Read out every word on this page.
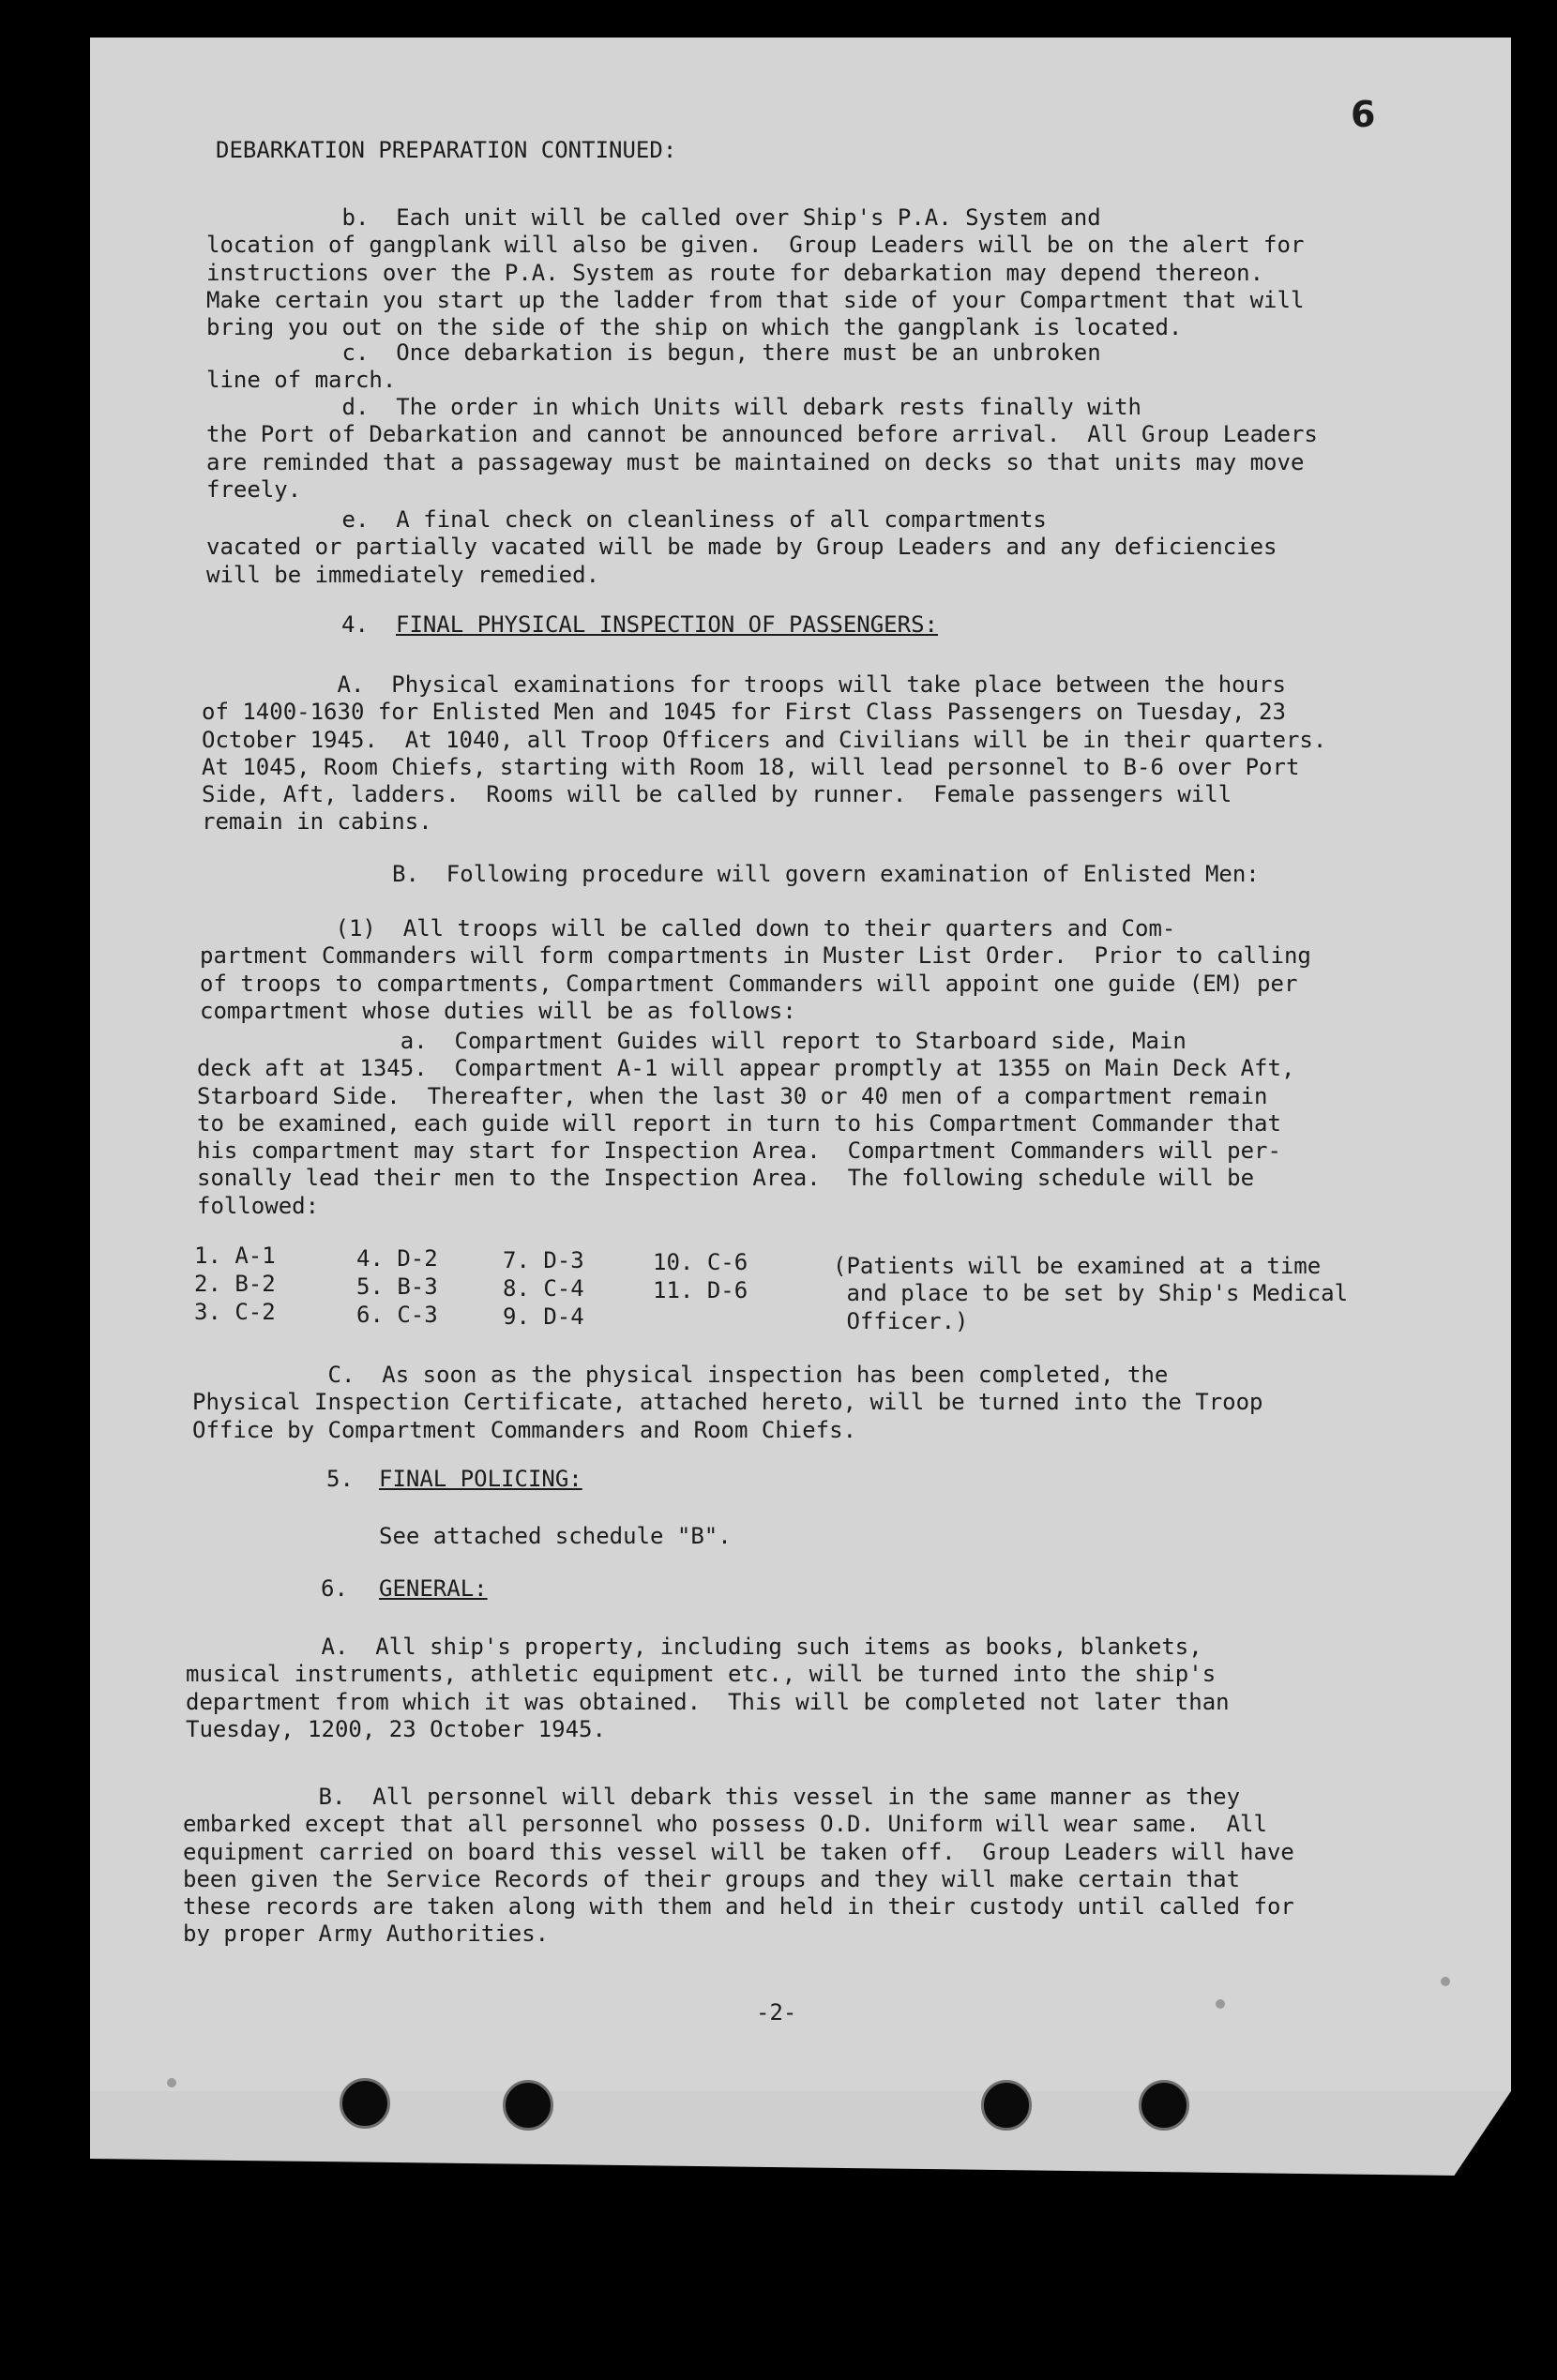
6
DEBARKATION PREPARATION CONTINUED:
b.  Each unit will be called over Ship's P.A. System and
location of gangplank will also be given.  Group Leaders will be on the alert for
instructions over the P.A. System as route for debarkation may depend thereon.
Make certain you start up the ladder from that side of your Compartment that will
bring you out on the side of the ship on which the gangplank is located.
c.  Once debarkation is begun, there must be an unbroken
line of march.
d.  The order in which Units will debark rests finally with
the Port of Debarkation and cannot be announced before arrival.  All Group Leaders
are reminded that a passageway must be maintained on decks so that units may move
freely.
e.  A final check on cleanliness of all compartments
vacated or partially vacated will be made by Group Leaders and any deficiencies
will be immediately remedied.
4. FINAL PHYSICAL INSPECTION OF PASSENGERS:
A.  Physical examinations for troops will take place between the hours
of 1400-1630 for Enlisted Men and 1045 for First Class Passengers on Tuesday, 23
October 1945.  At 1040, all Troop Officers and Civilians will be in their quarters.
At 1045, Room Chiefs, starting with Room 18, will lead personnel to B-6 over Port
Side, Aft, ladders.  Rooms will be called by runner.  Female passengers will
remain in cabins.
B.  Following procedure will govern examination of Enlisted Men:
(1)  All troops will be called down to their quarters and Com-
partment Commanders will form compartments in Muster List Order.  Prior to calling
of troops to compartments, Compartment Commanders will appoint one guide (EM) per
compartment whose duties will be as follows:
a.  Compartment Guides will report to Starboard side, Main
deck aft at 1345.  Compartment A-1 will appear promptly at 1355 on Main Deck Aft,
Starboard Side.  Thereafter, when the last 30 or 40 men of a compartment remain
to be examined, each guide will report in turn to his Compartment Commander that
his compartment may start for Inspection Area.  Compartment Commanders will per-
sonally lead their men to the Inspection Area.  The following schedule will be
followed:
1. A-1
2. B-2
3. C-2
4. D-2
5. B-3
6. C-3
7. D-3
8. C-4
9. D-4
10. C-6
11. D-6
(Patients will be examined at a time
and place to be set by Ship's Medical
Officer.)
C.  As soon as the physical inspection has been completed, the
Physical Inspection Certificate, attached hereto, will be turned into the Troop
Office by Compartment Commanders and Room Chiefs.
5. FINAL POLICING:
See attached schedule "B".
6. GENERAL:
A.  All ship's property, including such items as books, blankets,
musical instruments, athletic equipment etc., will be turned into the ship's
department from which it was obtained.  This will be completed not later than
Tuesday, 1200, 23 October 1945.
B.  All personnel will debark this vessel in the same manner as they
embarked except that all personnel who possess O.D. Uniform will wear same.  All
equipment carried on board this vessel will be taken off.  Group Leaders will have
been given the Service Records of their groups and they will make certain that
these records are taken along with them and held in their custody until called for
by proper Army Authorities.
-2-
